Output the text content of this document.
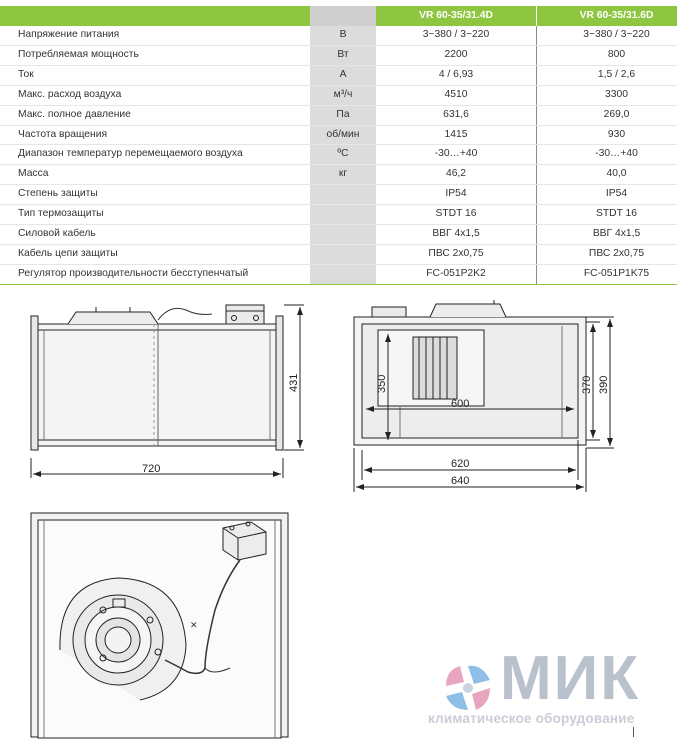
		VR 60-35/31.4D	VR 60-35/31.6D
Напряжение питания	В	3~380 / 3~220	3~380 / 3~220
Потребляемая мощность	Вт	2200	800
Ток	А	4 / 6,93	1,5 / 2,6
Макс. расход воздуха	м³/ч	4510	3300
Макс. полное давление	Па	631,6	269,0
Частота вращения	об/мин	1415	930
Диапазон температур перемещаемого воздуха	ºC	-30…+40	-30…+40
Масса	кг	46,2	40,0
Степень защиты		IP54	IP54
Тип термозащиты		STDT 16	STDT 16
Силовой кабель		ВВГ 4х1,5	ВВГ 4х1,5
Кабель цепи защиты		ПВС 2х0,75	ПВС 2х0,75
Регулятор производительности бесступенчатый		FC-051P2K2	FC-051P1K75
720
431	350
600
370 390
620
640
✕
МИК
климатическое оборудование
